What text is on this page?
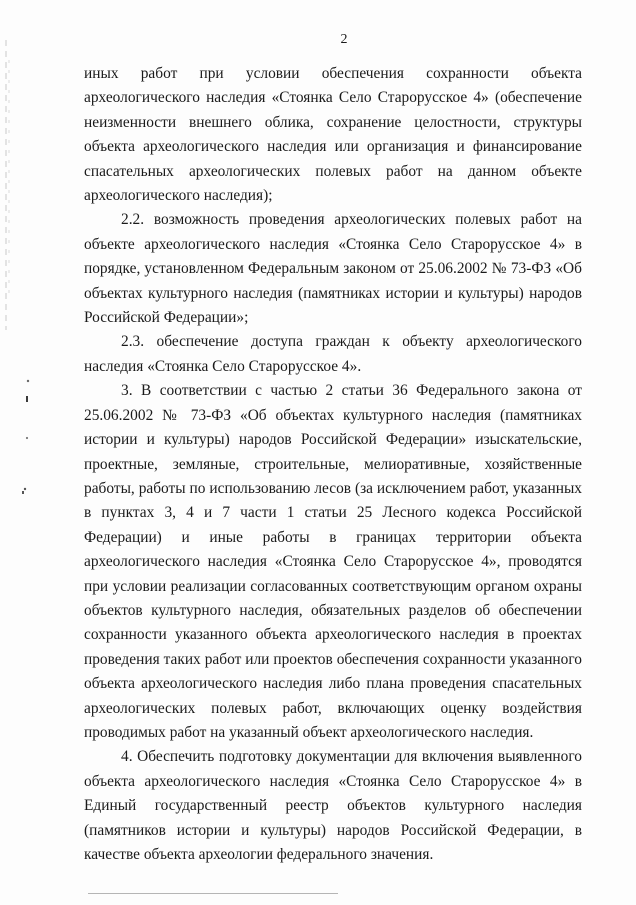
2

иных работ при условии обеспечения сохранности объекта археологического наследия «Стоянка Село Старорусское 4» (обеспечение неизменности внешнего облика, сохранение целостности, структуры объекта археологического наследия или организация и финансирование спасательных археологических полевых работ на данном объекте археологического наследия);

2.2. возможность проведения археологических полевых работ на объекте археологического наследия «Стоянка Село Старорусское 4» в порядке, установленном Федеральным законом от 25.06.2002 № 73-ФЗ «Об объектах культурного наследия (памятниках истории и культуры) народов Российской Федерации»;

2.3. обеспечение доступа граждан к объекту археологического наследия «Стоянка Село Старорусское 4».

3. В соответствии с частью 2 статьи 36 Федерального закона от 25.06.2002 № 73-ФЗ «Об объектах культурного наследия (памятниках истории и культуры) народов Российской Федерации» изыскательские, проектные, земляные, строительные, мелиоративные, хозяйственные работы, работы по использованию лесов (за исключением работ, указанных в пунктах 3, 4 и 7 части 1 статьи 25 Лесного кодекса Российской Федерации) и иные работы в границах территории объекта археологического наследия «Стоянка Село Старорусское 4», проводятся при условии реализации согласованных соответствующим органом охраны объектов культурного наследия, обязательных разделов об обеспечении сохранности указанного объекта археологического наследия в проектах проведения таких работ или проектов обеспечения сохранности указанного объекта археологического наследия либо плана проведения спасательных археологических полевых работ, включающих оценку воздействия проводимых работ на указанный объект археологического наследия.

4. Обеспечить подготовку документации для включения выявленного объекта археологического наследия «Стоянка Село Старорусское 4» в Единый государственный реестр объектов культурного наследия (памятников истории и культуры) народов Российской Федерации, в качестве объекта археологии федерального значения.
